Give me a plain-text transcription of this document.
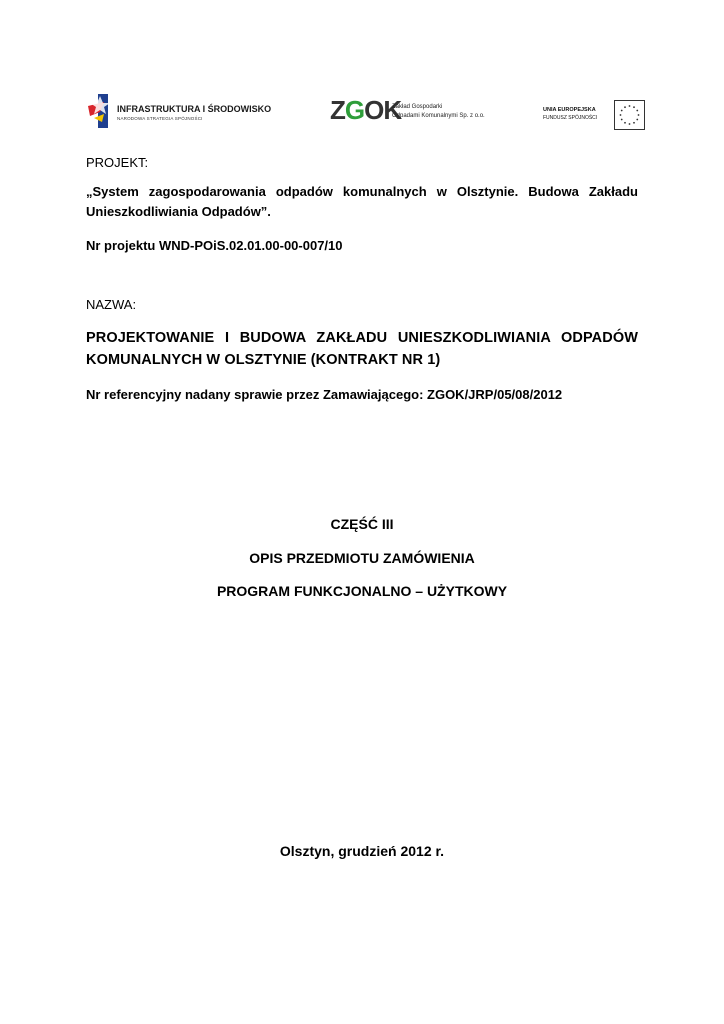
INFRASTRUKTURA I ŚRODOWISKO
NARODOWA STRATEGIA SPÓJNOŚCI	ZGOK
Zakład Gospodarki
Odpadami Komunalnymi Sp. z o.o.
UNIA EUROPEJSKA
FUNDUSZ SPÓJNOŚCI
PROJEKT:
„System zagospodarowania odpadów komunalnych w Olsztynie. Budowa Zakładu Unieszkodliwiania Odpadów”.
Nr projektu WND-POiS.02.01.00-00-007/10
NAZWA:
PROJEKTOWANIE I BUDOWA ZAKŁADU UNIESZKODLIWIANIA ODPADÓW KOMUNALNYCH W OLSZTYNIE (KONTRAKT NR 1)
Nr referencyjny nadany sprawie przez Zamawiającego: ZGOK/JRP/05/08/2012
CZĘŚĆ III
OPIS PRZEDMIOTU ZAMÓWIENIA
PROGRAM FUNKCJONALNO – UŻYTKOWY
Olsztyn, grudzień 2012 r.
